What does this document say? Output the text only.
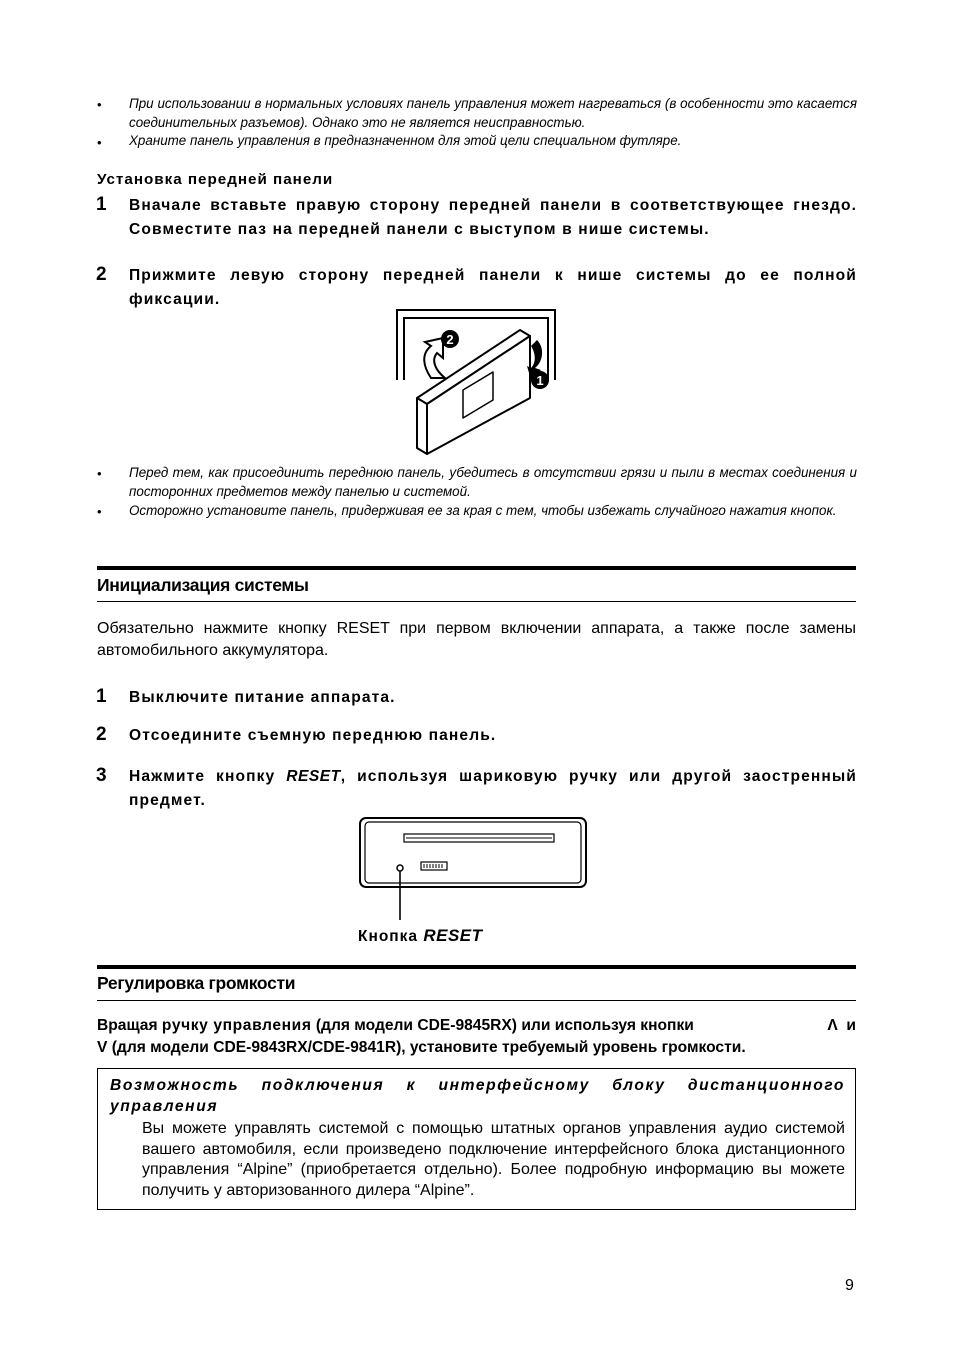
•	При использовании в нормальных условиях панель управления может нагреваться (в особенности это касается соединительных разъемов). Однако это не является неисправностью.
•	Храните панель управления в предназначенном для этой цели специальном футляре.
Установка передней панели
1 Вначале вставьте правую сторону передней панели в соответствующее гнездо. Совместите паз на передней панели с выступом в нише системы.
2 Прижмите левую сторону передней панели к нише системы до ее полной фиксации.
2
1
•	Перед тем, как присоединить переднюю панель, убедитесь в отсутствии грязи и пыли в местах соединения и посторонних предметов между панелью и системой.
•	Осторожно установите панель, придерживая ее за края с тем, чтобы избежать случайного нажатия кнопок.
Инициализация системы
Обязательно нажмите кнопку RESET при первом включении аппарата, а также после замены автомобильного аккумулятора.
1 Выключите питание аппарата.
2 Отсоедините съемную переднюю панель.
3 Нажмите кнопку RESET, используя шариковую ручку или другой заостренный предмет.
Кнопка RESET
Регулировка громкости
Вращая ручку управления (для модели CDE-9845RX) или используя кнопки	Λ и
V (для модели CDE-9843RX/CDE-9841R), установите требуемый уровень громкости.
Возможность подключения к интерфейсному блоку дистанционного управления
Вы можете управлять системой с помощью штатных органов управления аудио системой вашего автомобиля, если произведено подключение интерфейсного блока дистанционного управления “Alpine” (приобретается отдельно). Более подробную информацию вы можете получить у авторизованного дилера “Alpine”.
9
